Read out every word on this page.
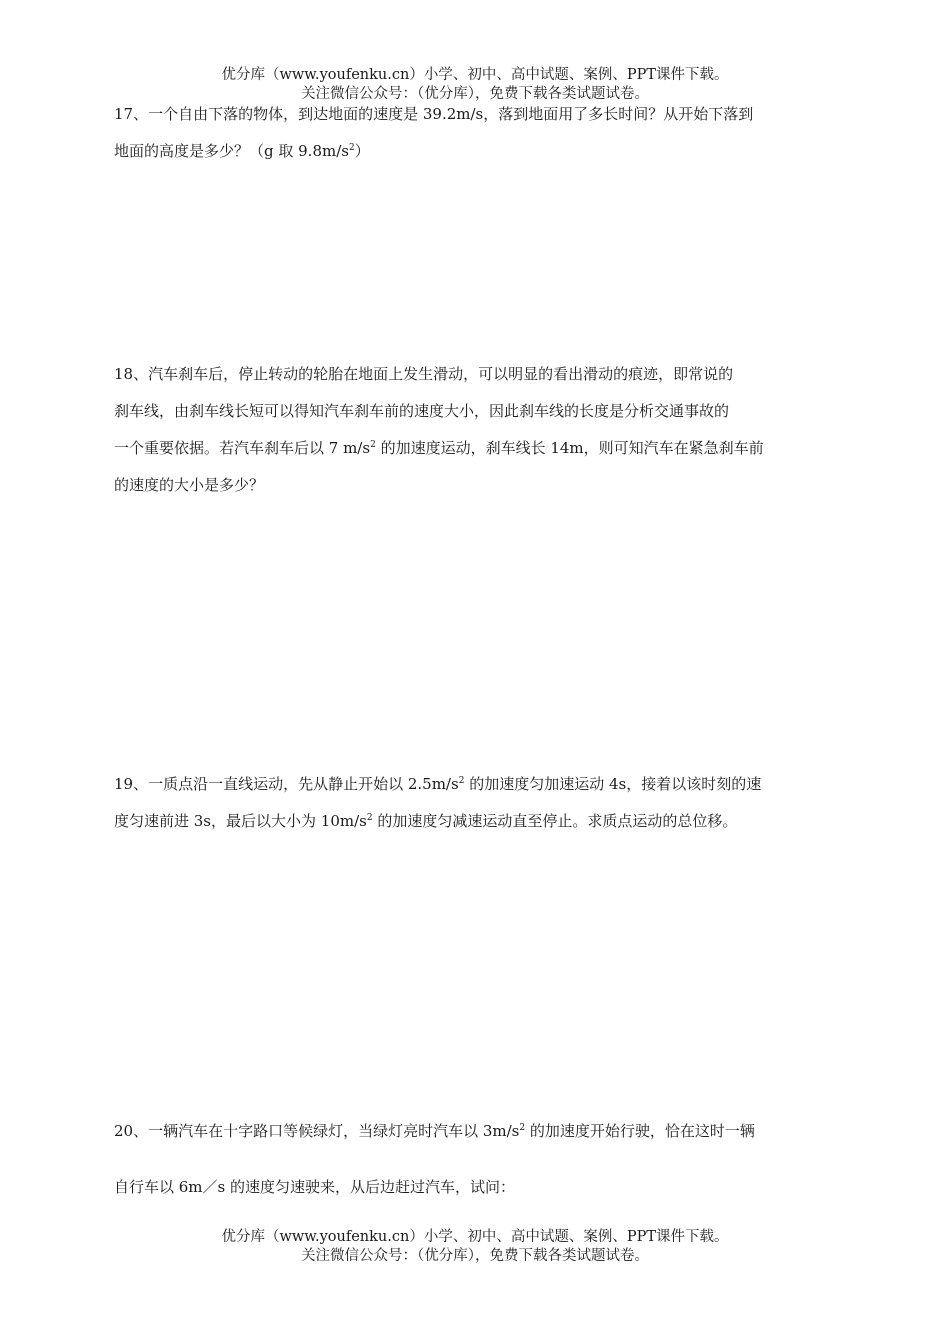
优分库（www.youfenku.cn）小学、初中、高中试题、案例、PPT课件下载。
关注微信公众号：（优分库），免费下载各类试题试卷。

17、一个自由下落的物体，到达地面的速度是 39.2m/s，落到地面用了多长时间？从开始下落到

地面的高度是多少？（g 取 $9.8m/s^2$）

18、汽车刹车后，停止转动的轮胎在地面上发生滑动，可以明显的看出滑动的痕迹，即常说的

刹车线，由刹车线长短可以得知汽车刹车前的速度大小，因此刹车线的长度是分析交通事故的

一个重要依据。若汽车刹车后以 7 $m/s^2$ 的加速度运动，刹车线长 14m，则可知汽车在紧急刹车前

的速度的大小是多少？

19、一质点沿一直线运动，先从静止开始以 $2.5m/s^2$ 的加速度匀加速运动 4s，接着以该时刻的速

度匀速前进 3s，最后以大小为 $10m/s^2$ 的加速度匀减速运动直至停止。求质点运动的总位移。

20、一辆汽车在十字路口等候绿灯，当绿灯亮时汽车以 $3m/s^2$ 的加速度开始行驶，恰在这时一辆

自行车以 6m／s 的速度匀速驶来，从后边赶过汽车，试问：

优分库（www.youfenku.cn）小学、初中、高中试题、案例、PPT课件下载。
关注微信公众号：（优分库），免费下载各类试题试卷。
